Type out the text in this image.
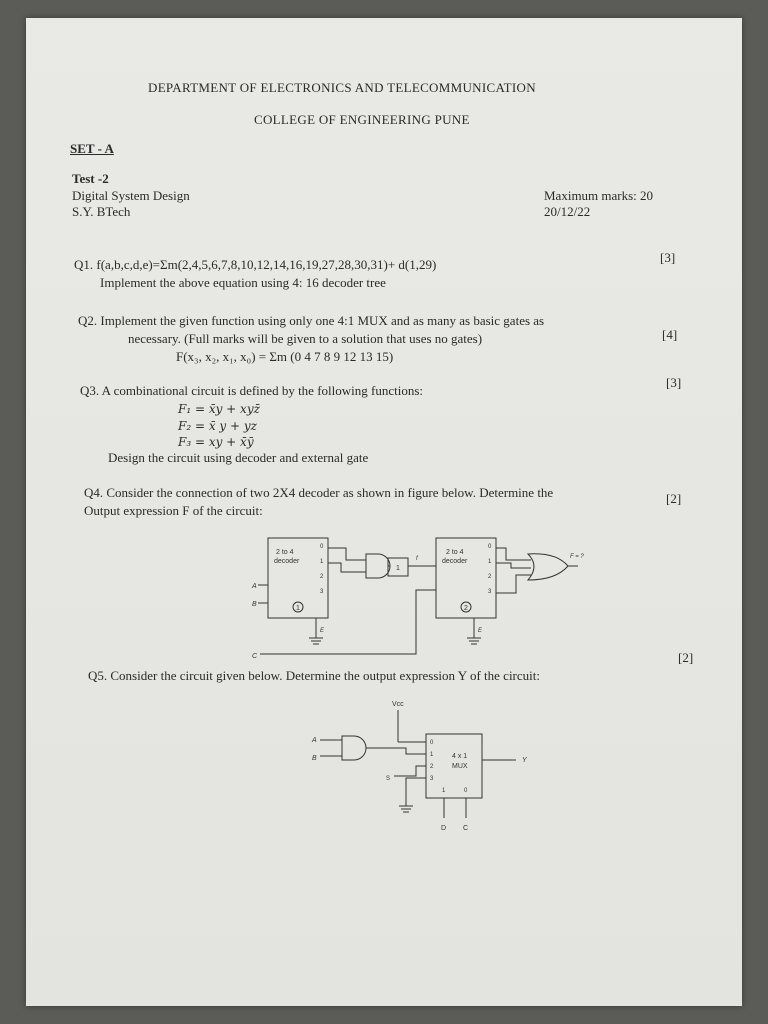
DEPARTMENT OF ELECTRONICS AND TELECOMMUNICATION
COLLEGE OF ENGINEERING PUNE
SET - A
Test -2
Digital System Design
S.Y. BTech
Maximum marks: 20
20/12/22
Q1. f(a,b,c,d,e)=Σm(2,4,5,6,7,8,10,12,14,16,19,27,28,30,31)+ d(1,29)
Implement the above equation using 4: 16 decoder tree
[3]
Q2. Implement the given function using only one 4:1 MUX and as many as basic gates as
necessary. (Full marks will be given to a solution that uses no gates)	[4]
F(x₃, x₂, x₁, x₀) = Σm (0 4 7 8 9 12 13 15)
Q3. A combinational circuit is defined by the following functions:
[3]
F₁ = x̄y + xyz̄
F₂ = x̄ y + yz
F₃ = xy + x̄ȳ
Design the circuit using decoder and external gate
Q4. Consider the connection of two 2X4 decoder as shown in figure below. Determine the
Output expression F of the circuit:
[2]
2 to 4
decoder
0
1
2
3
1
A
B
E
1
f
2 to 4
decoder
0
1
2
3
2
E
C
F = ?
Q5. Consider the circuit given below. Determine the output expression Y of the circuit:
[2]
Vcc
A
B
S
0
1
2
3
4 x 1
MUX
1	0
Y
D C
